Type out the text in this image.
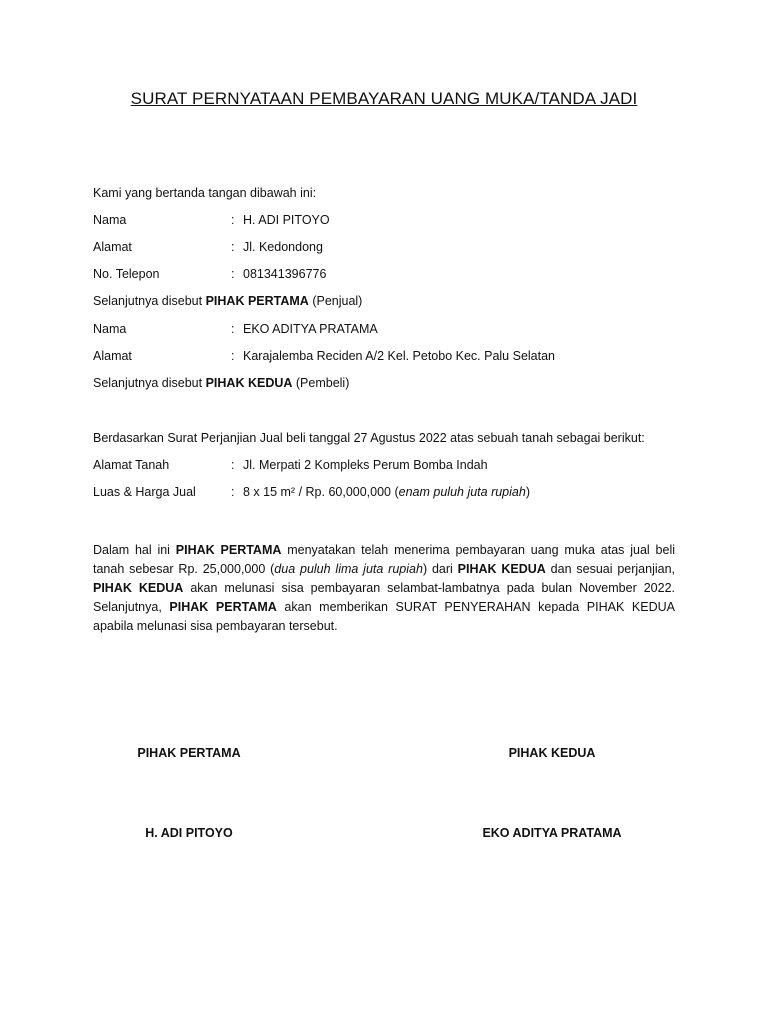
SURAT PERNYATAAN PEMBAYARAN UANG MUKA/TANDA JADI
Kami yang bertanda tangan dibawah ini:
Nama	: H. ADI PITOYO
Alamat	: Jl. Kedondong
No. Telepon	: 081341396776
Selanjutnya disebut PIHAK PERTAMA (Penjual)
Nama	: EKO ADITYA PRATAMA
Alamat	: Karajalemba Reciden A/2 Kel. Petobo Kec. Palu Selatan
Selanjutnya disebut PIHAK KEDUA (Pembeli)
Berdasarkan Surat Perjanjian Jual beli tanggal 27 Agustus 2022 atas sebuah tanah sebagai berikut:
Alamat Tanah	: Jl. Merpati 2 Kompleks Perum Bomba Indah
Luas & Harga Jual	: 8 x 15 m² / Rp. 60,000,000 (enam puluh juta rupiah)
Dalam hal ini PIHAK PERTAMA menyatakan telah menerima pembayaran uang muka atas jual beli tanah sebesar Rp. 25,000,000 (dua puluh lima juta rupiah) dari PIHAK KEDUA dan sesuai perjanjian, PIHAK KEDUA akan melunasi sisa pembayaran selambat-lambatnya pada bulan November 2022. Selanjutnya, PIHAK PERTAMA akan memberikan SURAT PENYERAHAN kepada PIHAK KEDUA apabila melunasi sisa pembayaran tersebut.
PIHAK PERTAMA	PIHAK KEDUA
H. ADI PITOYO	EKO ADITYA PRATAMA
